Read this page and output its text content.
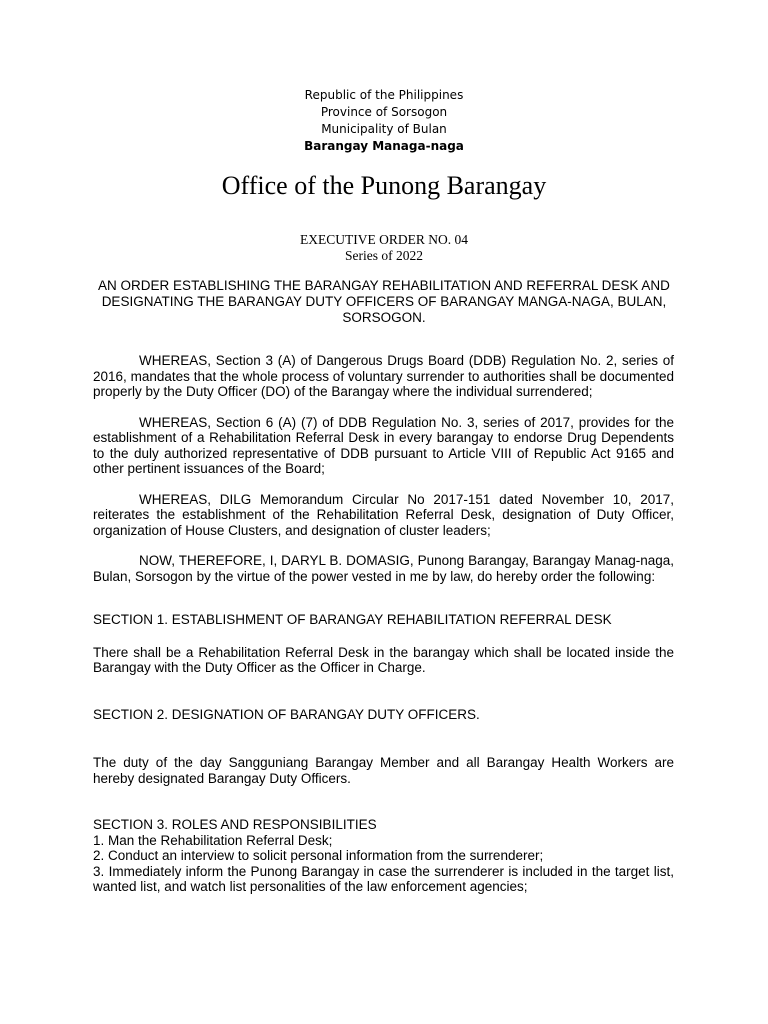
Republic of the Philippines
Province of Sorsogon
Municipality of Bulan
Barangay Managa-naga
Office of the Punong Barangay
EXECUTIVE ORDER NO. 04
Series of 2022
AN ORDER ESTABLISHING THE BARANGAY REHABILITATION AND REFERRAL DESK AND DESIGNATING THE BARANGAY DUTY OFFICERS OF BARANGAY MANGA-NAGA, BULAN, SORSOGON.

WHEREAS, Section 3 (A) of Dangerous Drugs Board (DDB) Regulation No. 2, series of 2016, mandates that the whole process of voluntary surrender to authorities shall be documented properly by the Duty Officer (DO) of the Barangay where the individual surrendered;

WHEREAS, Section 6 (A) (7) of DDB Regulation No. 3, series of 2017, provides for the establishment of a Rehabilitation Referral Desk in every barangay to endorse Drug Dependents to the duly authorized representative of DDB pursuant to Article VIII of Republic Act 9165 and other pertinent issuances of the Board;

WHEREAS, DILG Memorandum Circular No 2017-151 dated November 10, 2017, reiterates the establishment of the Rehabilitation Referral Desk, designation of Duty Officer, organization of House Clusters, and designation of cluster leaders;

NOW, THEREFORE, I, DARYL B. DOMASIG, Punong Barangay, Barangay Manag-naga, Bulan, Sorsogon by the virtue of the power vested in me by law, do hereby order the following:

SECTION 1. ESTABLISHMENT OF BARANGAY REHABILITATION REFERRAL DESK

There shall be a Rehabilitation Referral Desk in the barangay which shall be located inside the Barangay with the Duty Officer as the Officer in Charge.

SECTION 2. DESIGNATION OF BARANGAY DUTY OFFICERS.

The duty of the day Sangguniang Barangay Member and all Barangay Health Workers are hereby designated Barangay Duty Officers.

SECTION 3. ROLES AND RESPONSIBILITIES

1. Man the Rehabilitation Referral Desk;
2. Conduct an interview to solicit personal information from the surrenderer;
3. Immediately inform the Punong Barangay in case the surrenderer is included in the target list, wanted list, and watch list personalities of the law enforcement agencies;
